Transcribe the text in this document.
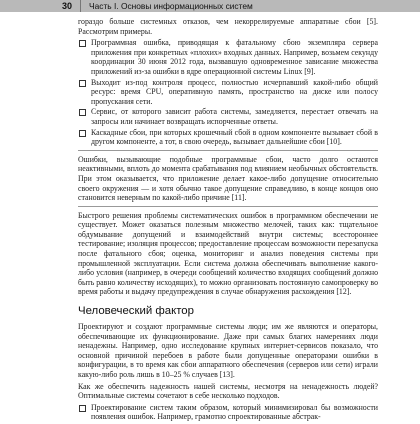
30 Часть I. Основы информационных систем

гораздо больше системных отказов, чем некоррелируемые аппаратные сбои [5]. Рассмотрим примеры.

Программная ошибка, приводящая к фатальному сбою экземпляра сервера приложения при конкретных «плохих» входных данных. Например, возьмем секунду координации 30 июня 2012 года, вызвавшую одновременное зависание множества приложений из-за ошибки в ядре операционной системы Linux [9].

Выходит из-под контроля процесс, полностью исчерпавший какой-либо общий ресурс: время CPU, оперативную память, пространство на диске или полосу пропускания сети.

Сервис, от которого зависит работа системы, замедляется, перестает отвечать на запросы или начинает возвращать испорченные ответы.

Каскадные сбои, при которых крошечный сбой в одном компоненте вызывает сбой в другом компоненте, а тот, в свою очередь, вызывает дальнейшие сбои [10].

Ошибки, вызывающие подобные программные сбои, часто долго остаются неактивными, вплоть до момента срабатывания под влиянием необычных обстоятельств. При этом оказывается, что приложение делает какое-либо допущение относительно своего окружения — и хотя обычно такое допущение справедливо, в конце концов оно становится неверным по какой-либо причине [11].

Быстрого решения проблемы систематических ошибок в программном обеспечении не существует. Может оказаться полезным множество мелочей, таких как: тщательное обдумывание допущений и взаимодействий внутри системы; всестороннее тестирование; изоляция процессов; предоставление процессам возможности перезапуска после фатального сбоя; оценка, мониторинг и анализ поведения системы при промышленной эксплуатации. Если система должна обеспечивать выполнение какого-либо условия (например, в очереди сообщений количество входящих сообщений должно быть равно количеству исходящих), то можно организовать постоянную самопроверку во время работы и выдачу предупреждения в случае обнаружения расхождения [12].

Человеческий фактор

Проектируют и создают программные системы люди; им же являются и операторы, обеспечивающие их функционирование. Даже при самых благих намерениях люди ненадежны. Например, одно исследование крупных интернет-сервисов показало, что основной причиной перебоев в работе были допущенные операторами ошибки в конфигурации, в то время как сбои аппаратного обеспечения (серверов или сети) играли какую-либо роль лишь в 10–25 % случаев [13].

Как же обеспечить надежность нашей системы, несмотря на ненадежность людей? Оптимальные системы сочетают в себе несколько подходов.

Проектирование систем таким образом, который минимизировал бы возможности появления ошибок. Например, грамотно спроектированные абстрак-
